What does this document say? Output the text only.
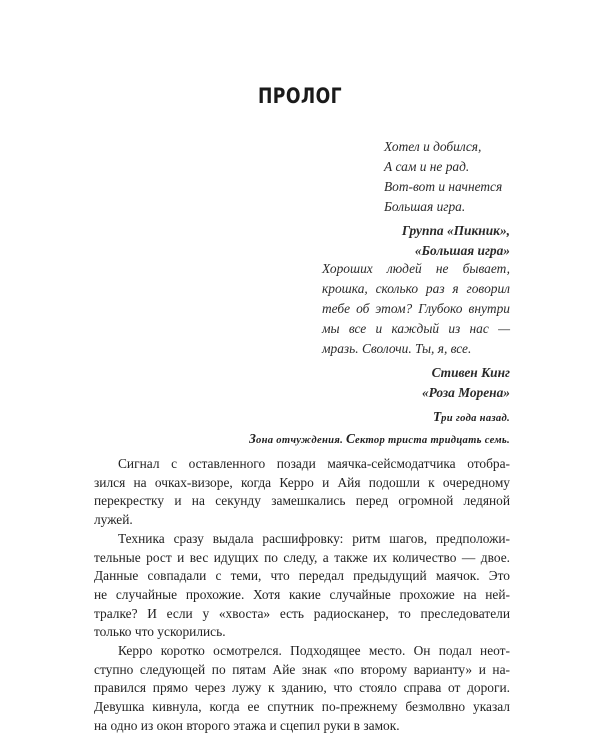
ПРОЛОГ
Хотел и добился,
А сам и не рад.
Вот-вот и начнется
Большая игра.
Группа «Пикник»,
«Большая игра»
Хороших людей не бывает,
крошка, сколько раз я говорил
тебе об этом? Глубоко внутри
мы все и каждый из нас —
мразь. Сволочи. Ты, я, все.
Стивен Кинг
«Роза Морена»
Три года назад.
Зона отчуждения. Сектор триста тридцать семь.

Сигнал с оставленного позади маячка-сейсмодатчика отобра-
зился на очках-визоре, когда Керро и Айя подошли к очередному
перекрестку и на секунду замешкались перед огромной ледяной
лужей.

Техника сразу выдала расшифровку: ритм шагов, предположи-
тельные рост и вес идущих по следу, а также их количество — двое.
Данные совпадали с теми, что передал предыдущий маячок. Это
не случайные прохожие. Хотя какие случайные прохожие на ней-
тралке? И если у «хвоста» есть радиосканер, то преследователи
только что ускорились.

Керро коротко осмотрелся. Подходящее место. Он подал неот-
ступно следующей по пятам Айе знак «по второму варианту» и на-
правился прямо через лужу к зданию, что стояло справа от дороги.
Девушка кивнула, когда ее спутник по-прежнему безмолвно указал
на одно из окон второго этажа и сцепил руки в замок.
